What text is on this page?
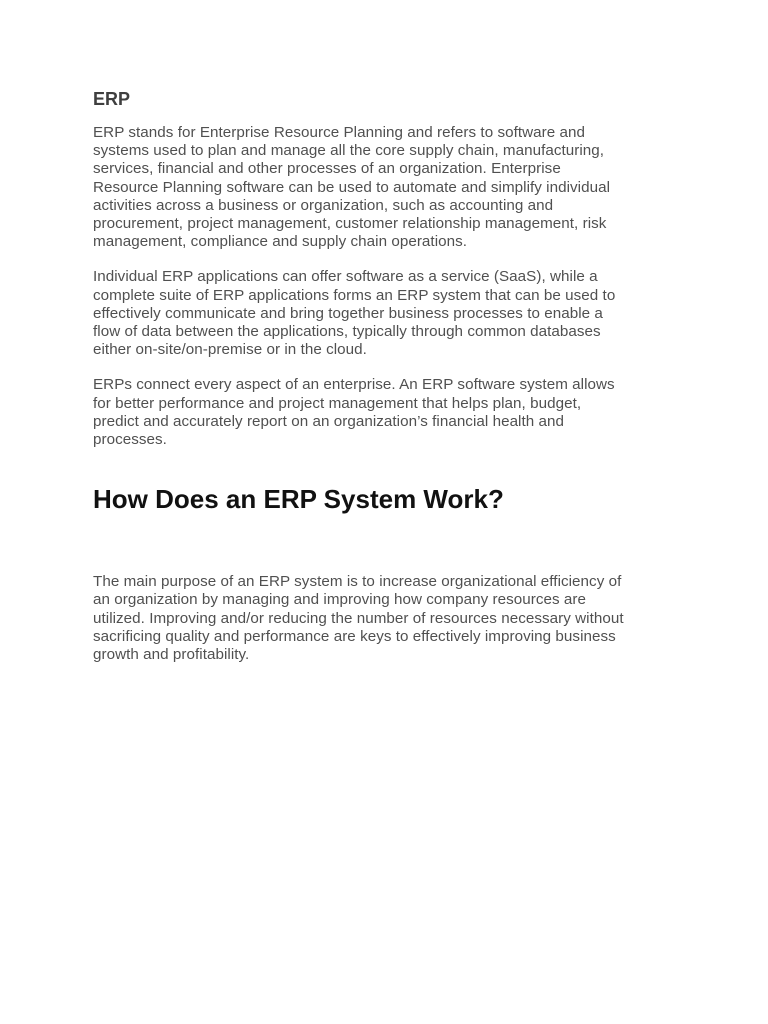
ERP
ERP stands for Enterprise Resource Planning and refers to software and
systems used to plan and manage all the core supply chain, manufacturing,
services, financial and other processes of an organization. Enterprise
Resource Planning software can be used to automate and simplify individual
activities across a business or organization, such as accounting and
procurement, project management, customer relationship management, risk
management, compliance and supply chain operations.
Individual ERP applications can offer software as a service (SaaS), while a
complete suite of ERP applications forms an ERP system that can be used to
effectively communicate and bring together business processes to enable a
flow of data between the applications, typically through common databases
either on-site/on-premise or in the cloud.
ERPs connect every aspect of an enterprise. An ERP software system allows
for better performance and project management that helps plan, budget,
predict and accurately report on an organization’s financial health and
processes.
How Does an ERP System Work?
The main purpose of an ERP system is to increase organizational efficiency of
an organization by managing and improving how company resources are
utilized. Improving and/or reducing the number of resources necessary without
sacrificing quality and performance are keys to effectively improving business
growth and profitability.
